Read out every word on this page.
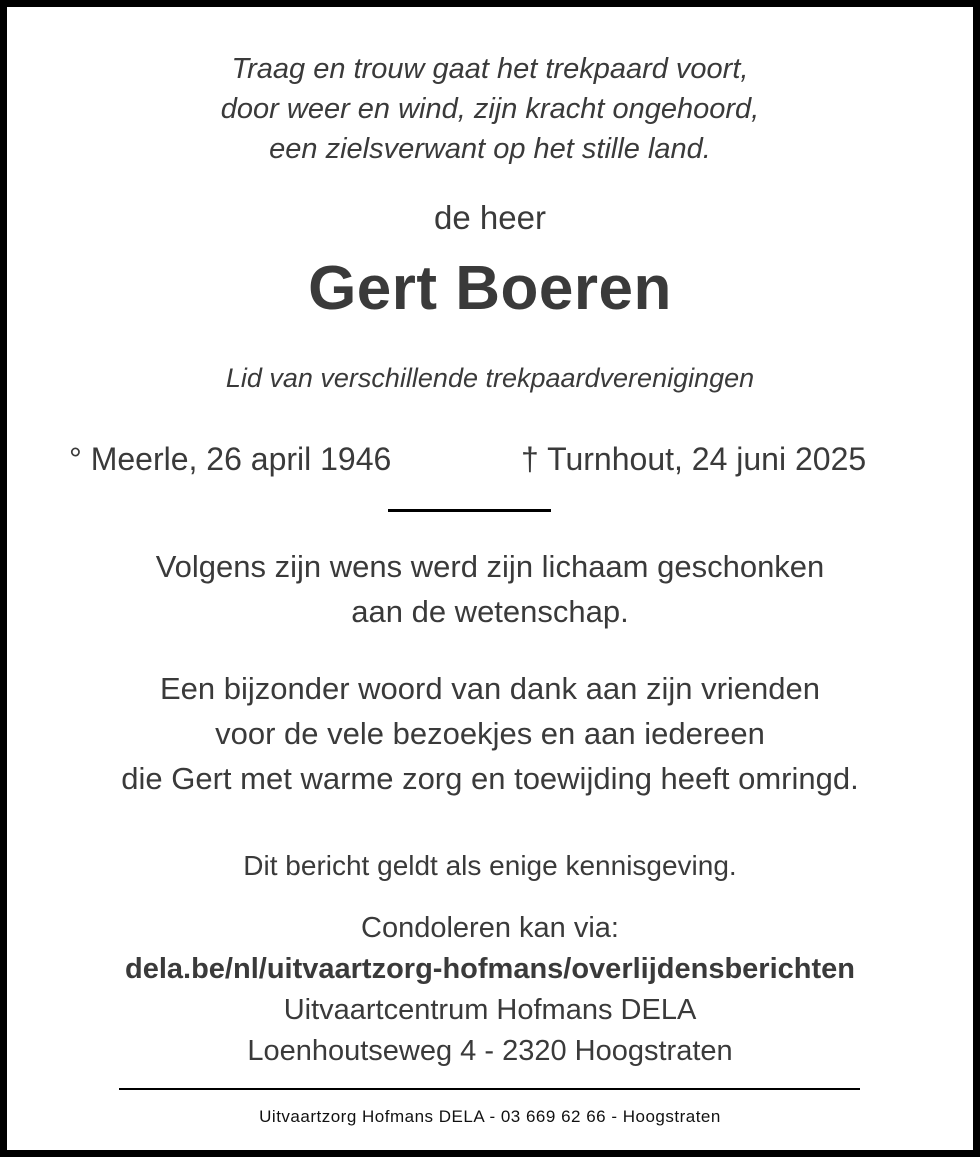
Traag en trouw gaat het trekpaard voort,
door weer en wind, zijn kracht ongehoord,
een zielsverwant op het stille land.
de heer
Gert Boeren
Lid van verschillende trekpaardverenigingen
° Meerle, 26 april 1946	† Turnhout, 24 juni 2025
Volgens zijn wens werd zijn lichaam geschonken
aan de wetenschap.
Een bijzonder woord van dank aan zijn vrienden
voor de vele bezoekjes en aan iedereen
die Gert met warme zorg en toewijding heeft omringd.
Dit bericht geldt als enige kennisgeving.
Condoleren kan via:
dela.be/nl/uitvaartzorg-hofmans/overlijdensberichten
Uitvaartcentrum Hofmans DELA
Loenhoutseweg 4 - 2320 Hoogstraten
Uitvaartzorg Hofmans DELA - 03 669 62 66 - Hoogstraten
